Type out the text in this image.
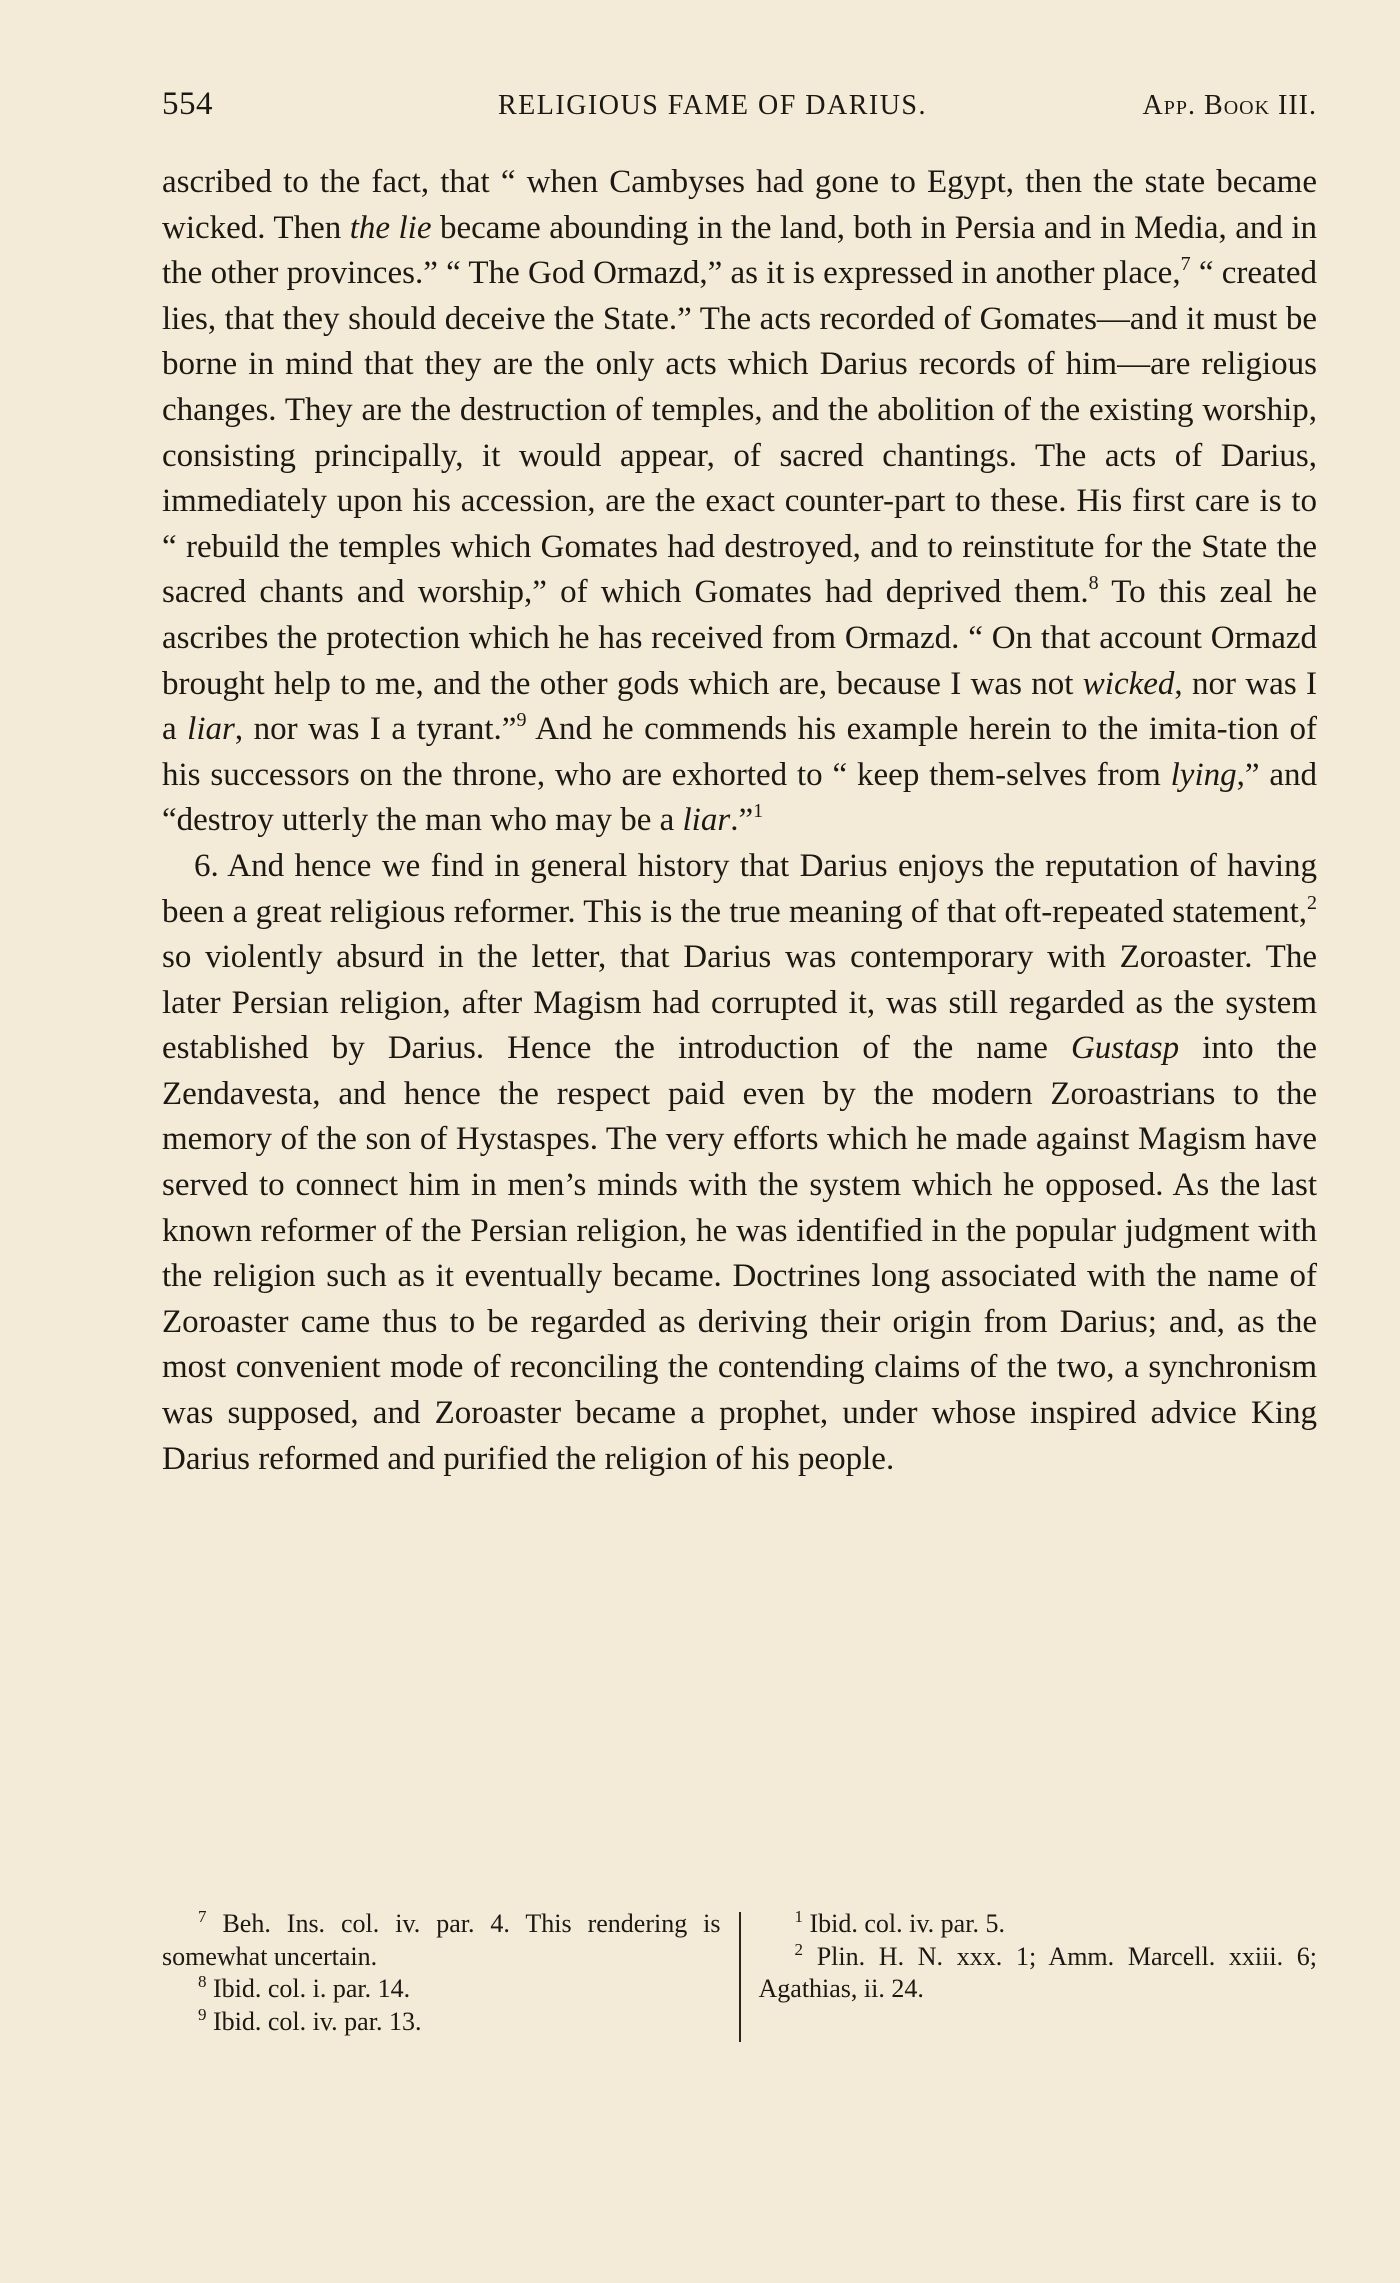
554	RELIGIOUS FAME OF DARIUS.	App. Book III.

ascribed to the fact, that “ when Cambyses had gone to Egypt, then the state became wicked. Then the lie became abounding in the land, both in Persia and in Media, and in the other provinces.” “ The God Ormazd,” as it is expressed in another place,$^7$ “ created lies, that they should deceive the State.” The acts recorded of Gomates—and it must be borne in mind that they are the only acts which Darius records of him—are religious changes. They are the destruction of temples, and the abolition of the existing worship, consisting principally, it would appear, of sacred chantings. The acts of Darius, immediately upon his accession, are the exact counter-part to these. His first care is to “ rebuild the temples which Gomates had destroyed, and to reinstitute for the State the sacred chants and worship,” of which Gomates had deprived them.$^8$ To this zeal he ascribes the protection which he has received from Ormazd. “ On that account Ormazd brought help to me, and the other gods which are, because I was not wicked, nor was I a liar, nor was I a tyrant.”$^9$ And he commends his example herein to the imita-tion of his successors on the throne, who are exhorted to “ keep them-selves from lying,” and “destroy utterly the man who may be a liar.”$^1$

6. And hence we find in general history that Darius enjoys the reputation of having been a great religious reformer. This is the true meaning of that oft-repeated statement,$^2$ so violently absurd in the letter, that Darius was contemporary with Zoroaster. The later Persian religion, after Magism had corrupted it, was still regarded as the system established by Darius. Hence the introduction of the name Gustasp into the Zendavesta, and hence the respect paid even by the modern Zoroastrians to the memory of the son of Hystaspes. The very efforts which he made against Magism have served to connect him in men’s minds with the system which he opposed. As the last known reformer of the Persian religion, he was identified in the popular judgment with the religion such as it eventually became. Doctrines long associated with the name of Zoroaster came thus to be regarded as deriving their origin from Darius; and, as the most convenient mode of reconciling the contending claims of the two, a synchronism was supposed, and Zoroaster became a prophet, under whose inspired advice King Darius reformed and purified the religion of his people.

$^7$ Beh. Ins. col. iv. par. 4. This rendering is somewhat uncertain.

$^8$ Ibid. col. i. par. 14.

$^9$ Ibid. col. iv. par. 13.

$^1$ Ibid. col. iv. par. 5.

$^2$ Plin. H. N. xxx. 1; Amm. Marcell. xxiii. 6; Agathias, ii. 24.
